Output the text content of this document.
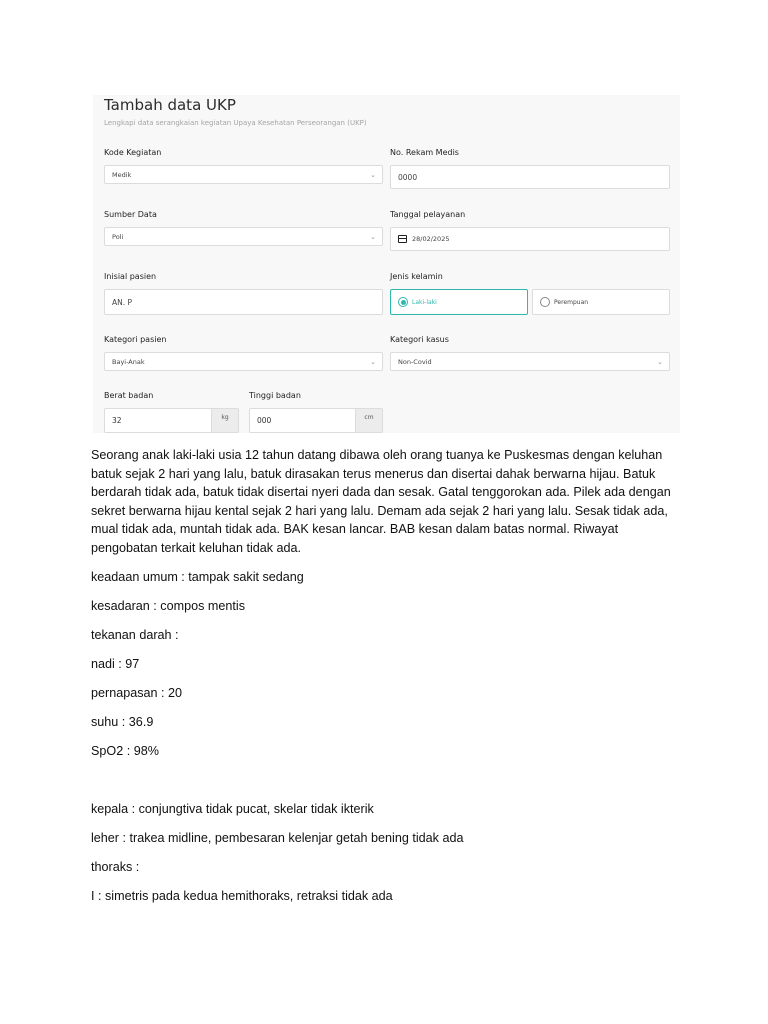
Tambah data UKP
Lengkapi data serangkaian kegiatan Upaya Kesehatan Perseorangan (UKP)
Kode Kegiatan
Medik	⌄
No. Rekam Medis
0000
Sumber Data
Poli	⌄
Tanggal pelayanan
28/02/2025
Inisial pasien
AN. P
Jenis kelamin
Laki-laki	Perempuan
Kategori pasien
Bayi-Anak	⌄
Kategori kasus
Non-Covid	⌄
Berat badan
32	kg
Tinggi badan
000	cm

Seorang anak laki-laki usia 12 tahun datang dibawa oleh orang tuanya ke Puskesmas dengan keluhan batuk sejak 2 hari yang lalu, batuk dirasakan terus menerus dan disertai dahak berwarna hijau. Batuk berdarah tidak ada, batuk tidak disertai nyeri dada dan sesak. Gatal tenggorokan ada. Pilek ada dengan sekret berwarna hijau kental sejak 2 hari yang lalu. Demam ada sejak 2 hari yang lalu. Sesak tidak ada, mual tidak ada, muntah tidak ada. BAK kesan lancar. BAB kesan dalam batas normal. Riwayat pengobatan terkait keluhan tidak ada.

keadaan umum : tampak sakit sedang

kesadaran : compos mentis

tekanan darah :

nadi : 97

pernapasan : 20

suhu : 36.9

SpO2 : 98%

kepala : conjungtiva tidak pucat, skelar tidak ikterik

leher : trakea midline, pembesaran kelenjar getah bening tidak ada

thoraks :

I : simetris pada kedua hemithoraks, retraksi tidak ada
